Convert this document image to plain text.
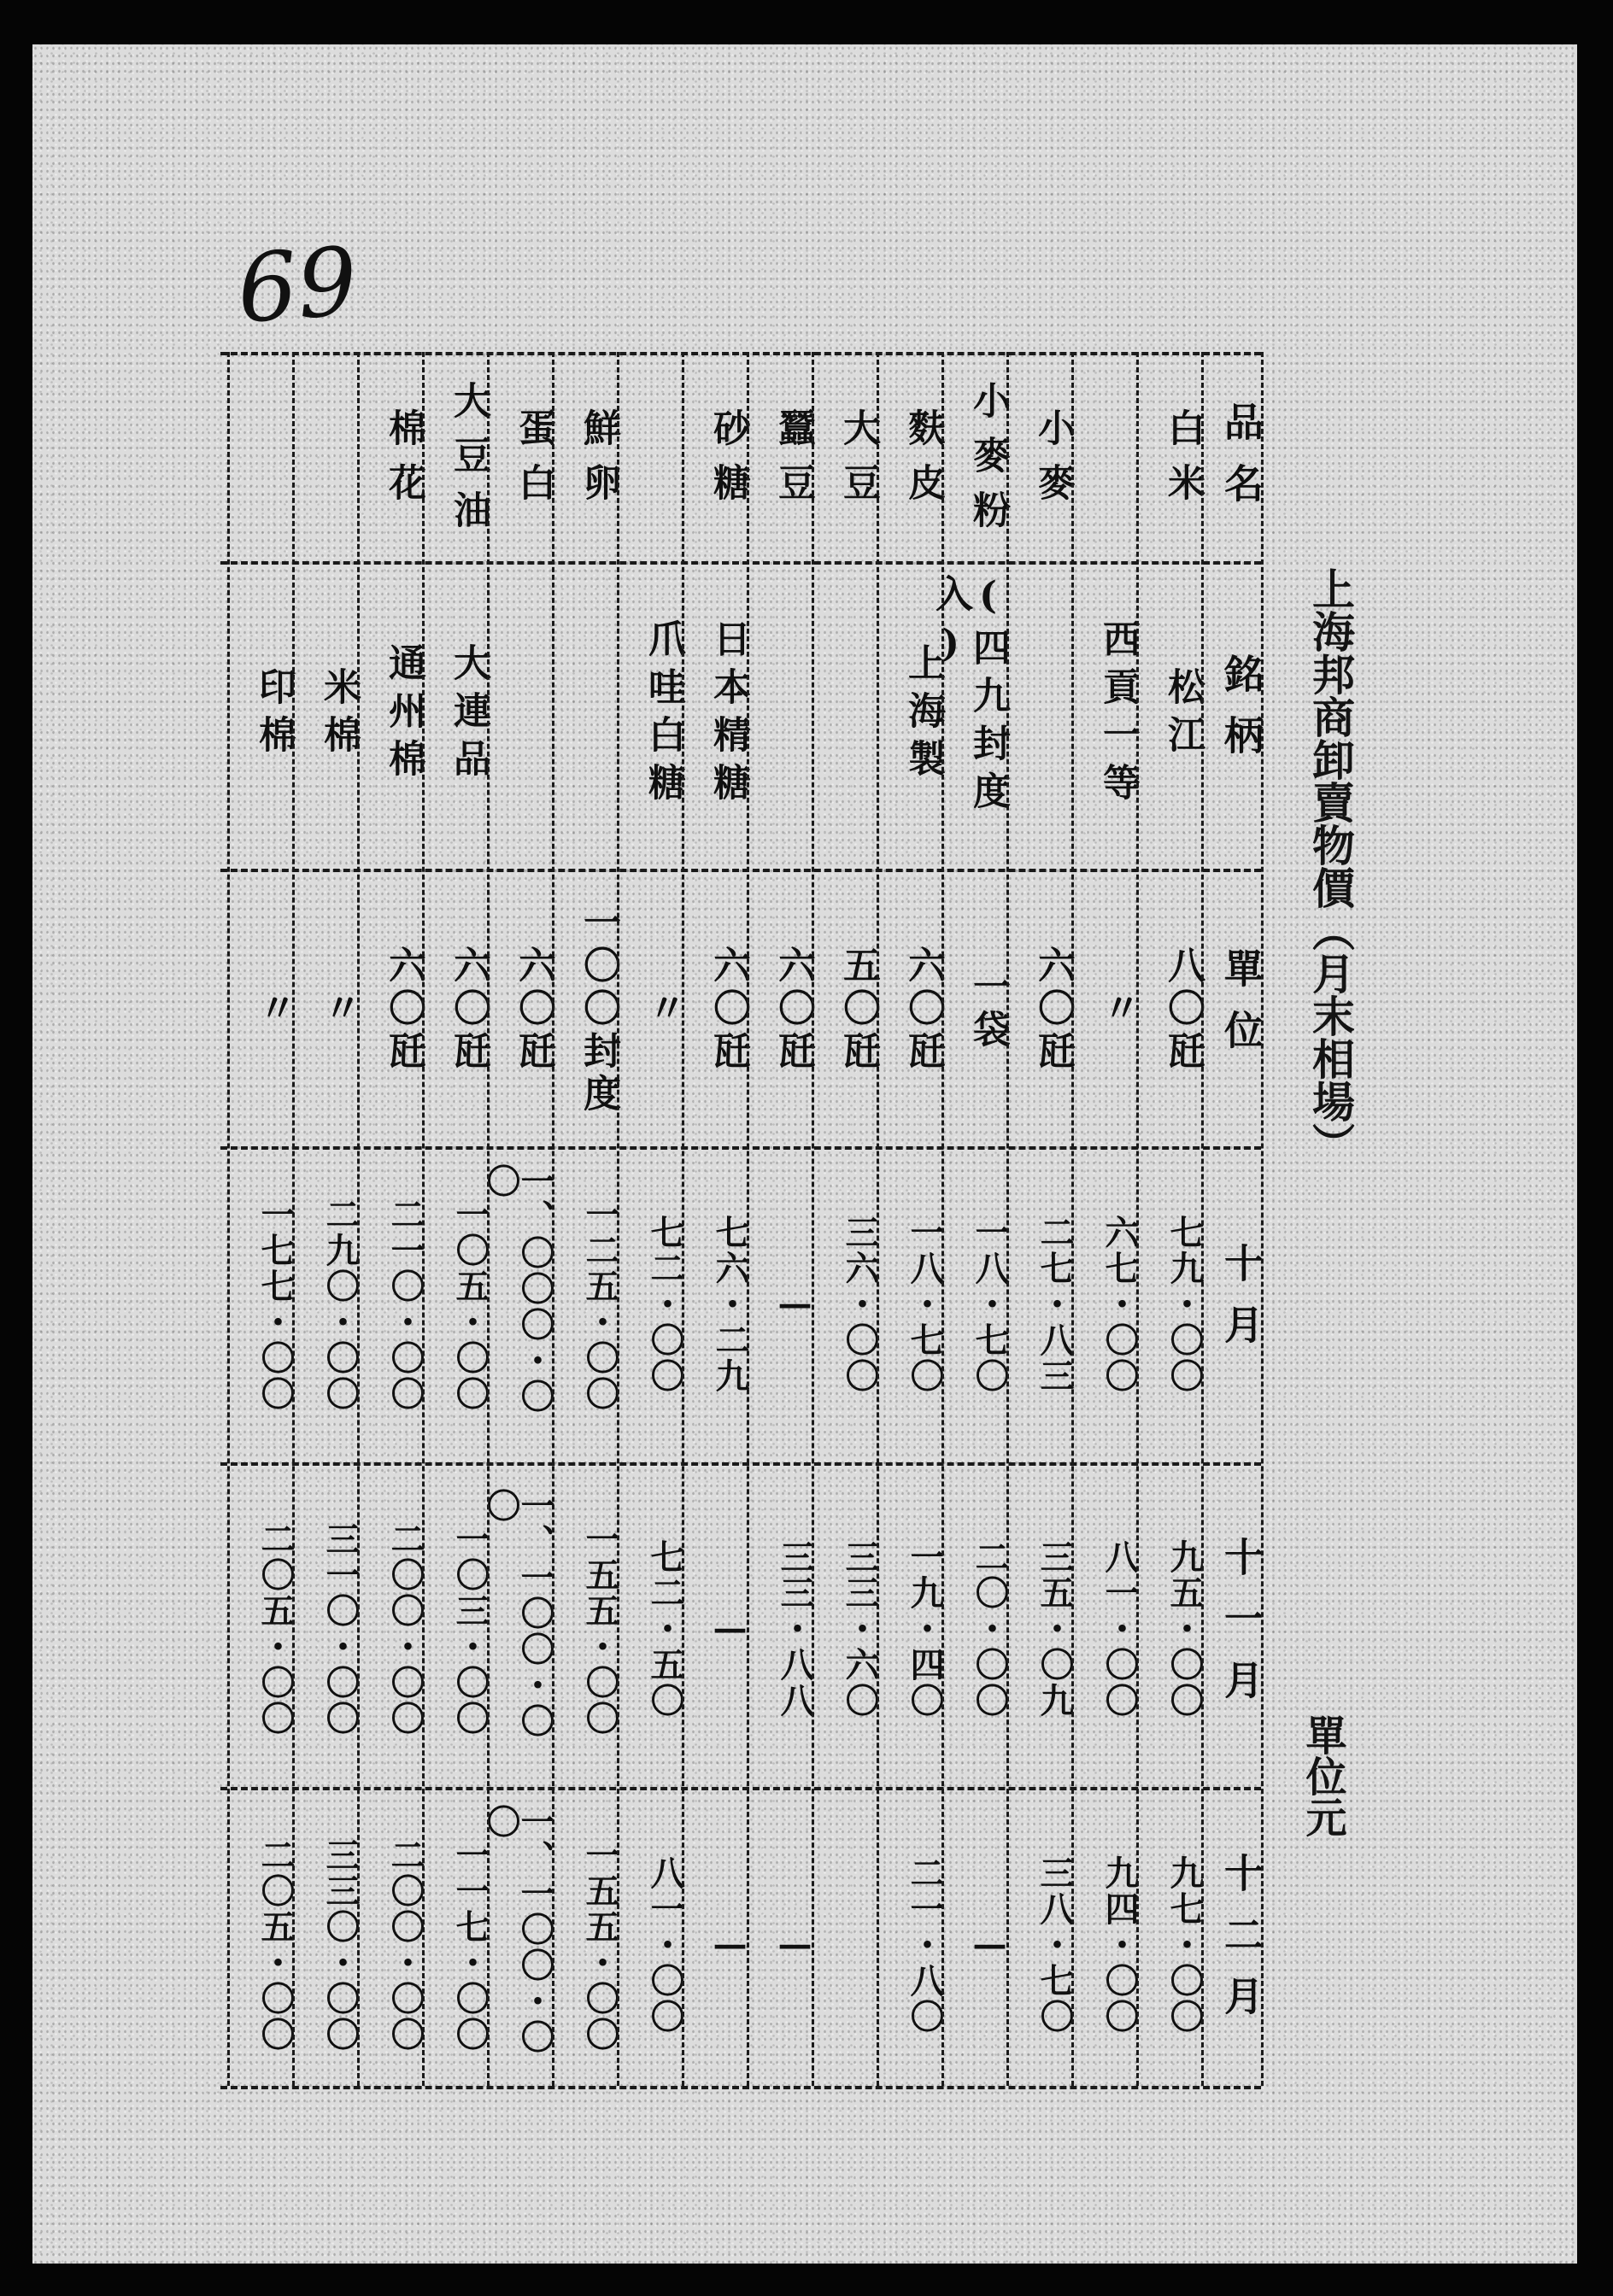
69
上海邦商卸賣物價（月末相場）
單位元
品名
銘柄
單位
十月
十一月
十二月
白米
松江
八〇瓩
七九・〇〇
九五・〇〇
九七・〇〇
西貢一等
〃
六七・〇〇
八一・〇〇
九四・〇〇
小麥
六〇瓩
二七・八三
三五・〇九
三八・七〇
小麥粉
(四九封度入)
一袋
一八・七〇
二〇・〇〇
—
麩皮
上海製
六〇瓩
一八・七〇
一九・四〇
二一・八〇
大豆
五〇瓩
三六・〇〇
三三・六〇
蠶豆
六〇瓩
—
三三・八八
—
砂糖
日本精糖
六〇瓩
七六・二九
—
—
爪哇白糖
〃
七二・〇〇
七二・五〇
八一・〇〇
鮮卵
一〇〇封度
一二五・〇〇
一五五・〇〇
一五五・〇〇
蛋白
六〇瓩
一、〇〇〇・〇〇
一、一〇〇・〇〇
一、一〇〇・〇〇
大豆油
大連品
六〇瓩
一〇五・〇〇
一〇三・〇〇
一一七・〇〇
棉花
通州棉
六〇瓩
二一〇・〇〇
二〇〇・〇〇
二〇〇・〇〇
米棉
〃
二九〇・〇〇
三一〇・〇〇
三三〇・〇〇
印棉
〃
一七七・〇〇
二〇五・〇〇
二〇五・〇〇
